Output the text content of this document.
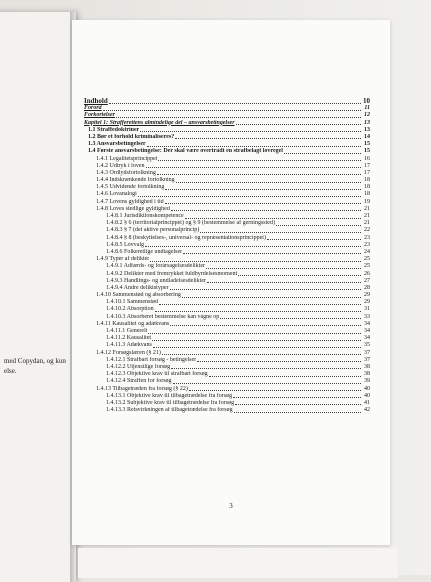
med Copydan, og kun
else.
Indhold	10
Forord	11
Forkortelser	12
Kapitel 1: Strafferettens almindelige del – ansvarsbetingelser	13
1.1 Straffedoktriner	13
1.2 Bør et forhold kriminaliseres?	14
1.3 Ansvarsbetingelser	15
1.4 Første ansvarsbetingelse: Der skal være overtrådt en strafbelagt lovregel	15
1.4.1 Legalitetsprincippet	16
1.4.2 Udtryk i loven	17
1.4.3 Ordlydsfortolkning	17
1.4.4 Indskrænkende fortolkning	18
1.4.5 Udvidende fortolkning	18
1.4.6 Lovanalogi	18
1.4.7 Lovens gyldighed i tid	19
1.4.8 Loves stedlige gyldighed	21
1.4.8.1 Jurisdiktionskompetence	21
1.4.8.2 § 6 (territorialprincippet) og § 9 (bestemmelse af gerningssted)	21
1.4.8.3 § 7 (det aktive personalprincip)	22
1.4.8.4 § 8 (beskyttelses-, universal- og repræsentationsprincippet)	23
1.4.8.5 Lovvalg	23
1.4.8.6 Folkeretlige undtagelser	24
1.4.9 Typer af delikter	25
1.4.9.1 Adfærds- og forårsagelsesdelikter	25
1.4.9.2 Delikter med fremrykket fuldbyrdelsesmoment	26
1.4.9.3 Handlings- og undladelsesdelikter	27
1.4.9.4 Andre deliktstyper	28
1.4.10 Sammenstød og absorbering	29
1.4.10.1 Sammenstød	29
1.4.10.2 Absorption	31
1.4.10.3 Absorberet bestemmelse kan vågne op	33
1.4.11 Kausalitet og adækvans	34
1.4.11.1 Generelt	34
1.4.11.2 Kausalitet	34
1.4.11.3 Adækvans	35
1.4.12 Forsøgslæren (§ 21)	37
1.4.12.1 Strafbart forsøg - betingelser	37
1.4.12.2 Utjenstlige forsøg	38
1.4.12.3 Objektive krav til strafbart forsøg	38
1.4.12.4 Straffen for forsøg	39
1.4.13 Tilbagetræden fra forsøg (§ 22)	40
1.4.13.1 Objektive krav til tilbagetrædelse fra forsøg	40
1.4.13.2 Subjektive krav til tilbagetrædelse fra forsøg	41
1.4.13.3 Retsvirkningen af tilbagetrædelse fra forsøg	42
3
